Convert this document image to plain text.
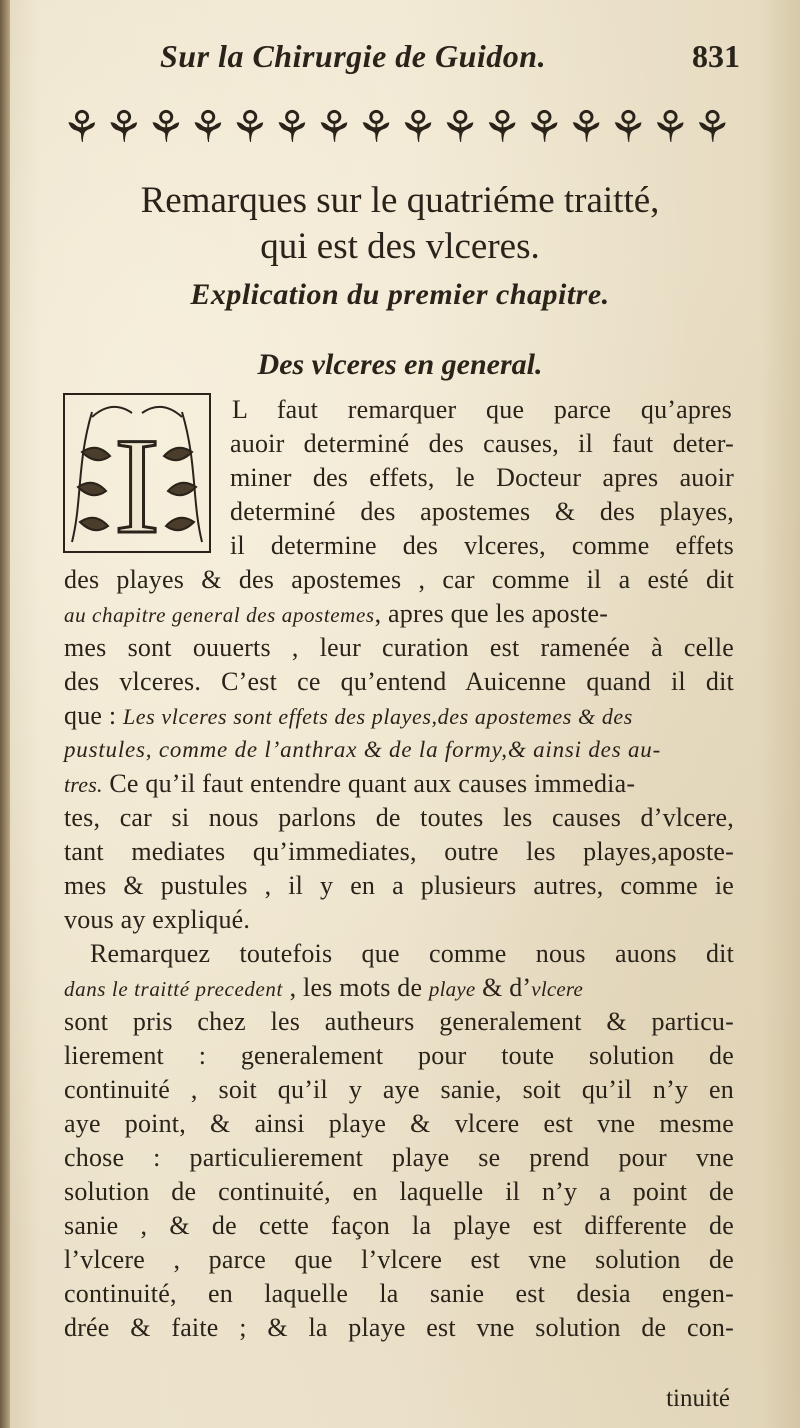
Sur la Chirurgie de Guidon.	831
⚘ ⚘ ⚘ ⚘ ⚘ ⚘ ⚘ ⚘ ⚘ ⚘ ⚘ ⚘ ⚘ ⚘ ⚘ ⚘
Remarques sur le quatriéme traitté,
qui est des vlceres.
Explication du premier chapitre.
Des vlceres en general.
I	L faut remarquer que parce qu’apres
auoir determiné des causes, il faut deter-
miner des effets, le Docteur apres auoir
determiné des apostemes & des playes,
il determine des vlceres, comme effets
des playes & des apostemes , car comme il a esté dit
au chapitre general des apostemes, apres que les aposte-
mes sont ouuerts , leur curation est ramenée à celle
des vlceres. C’est ce qu’entend Auicenne quand il dit
que : Les vlceres sont effets des playes,des apostemes & des
pustules, comme de l’anthrax & de la formy,& ainsi des au-
tres. Ce qu’il faut entendre quant aux causes immedia-
tes, car si nous parlons de toutes les causes d’vlcere,
tant mediates qu’immediates, outre les playes,aposte-
mes & pustules , il y en a plusieurs autres, comme ie
vous ay expliqué.
Remarquez toutefois que comme nous auons dit
dans le traitté precedent , les mots de playe & d’vlcere
sont pris chez les autheurs generalement & particu-
lierement : generalement pour toute solution de
continuité , soit qu’il y aye sanie, soit qu’il n’y en
aye point, & ainsi playe & vlcere est vne mesme
chose : particulierement playe se prend pour vne
solution de continuité, en laquelle il n’y a point de
sanie , & de cette façon la playe est differente de
l’vlcere , parce que l’vlcere est vne solution de
continuité, en laquelle la sanie est desia engen-
drée & faite ; & la playe est vne solution de con-
tinuité
